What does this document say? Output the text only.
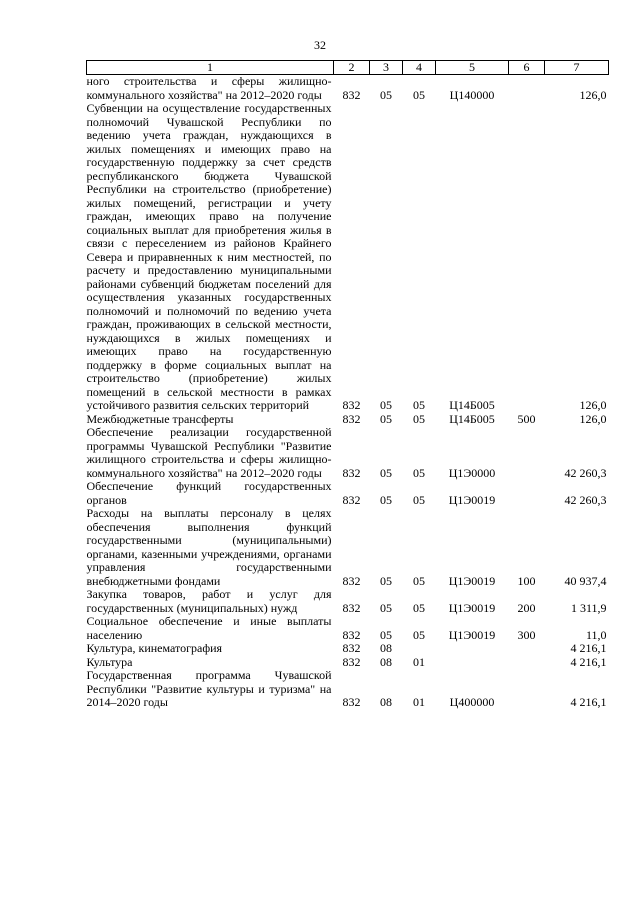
32
1	2	3	4	5	6	7
ного строительства и сферы жилищно-коммунального хозяйства" на 2012–2020 годы	832	05	05	Ц140000		126,0
Субвенции на осуществление государственных полномочий Чувашской Республики по ведению учета граждан, нуждающихся в жилых помещениях и имеющих право на государственную поддержку за счет средств республиканского бюджета Чувашской Республики на строительство (приобретение) жилых помещений, регистрации и учету граждан, имеющих право на получение социальных выплат для приобретения жилья в связи с переселением из районов Крайнего Севера и приравненных к ним местностей, по расчету и предоставлению муниципальными районами субвенций бюджетам поселений для осуществления указанных государственных полномочий и полномочий по ведению учета граждан, проживающих в сельской местности, нуждающихся в жилых помещениях и имеющих право на государственную поддержку в форме социальных выплат на строительство (приобретение) жилых помещений в сельской местности в рамках устойчивого развития сельских территорий	832	05	05	Ц14Б005		126,0
Межбюджетные трансферты	832	05	05	Ц14Б005	500	126,0
Обеспечение реализации государственной программы Чувашской Республики "Развитие жилищного строительства и сферы жилищно-коммунального хозяйства" на 2012–2020 годы	832	05	05	Ц1Э0000		42 260,3
Обеспечение функций государственных органов	832	05	05	Ц1Э0019		42 260,3
Расходы на выплаты персоналу в целях обеспечения выполнения функций государственными (муниципальными) органами, казенными учреждениями, органами управления государственными внебюджетными фондами	832	05	05	Ц1Э0019	100	40 937,4
Закупка товаров, работ и услуг для государственных (муниципальных) нужд	832	05	05	Ц1Э0019	200	1 311,9
Социальное обеспечение и иные выплаты населению	832	05	05	Ц1Э0019	300	11,0
Культура, кинематография	832	08				4 216,1
Культура	832	08	01			4 216,1
Государственная программа Чувашской Республики "Развитие культуры и туризма" на 2014–2020 годы	832	08	01	Ц400000		4 216,1
